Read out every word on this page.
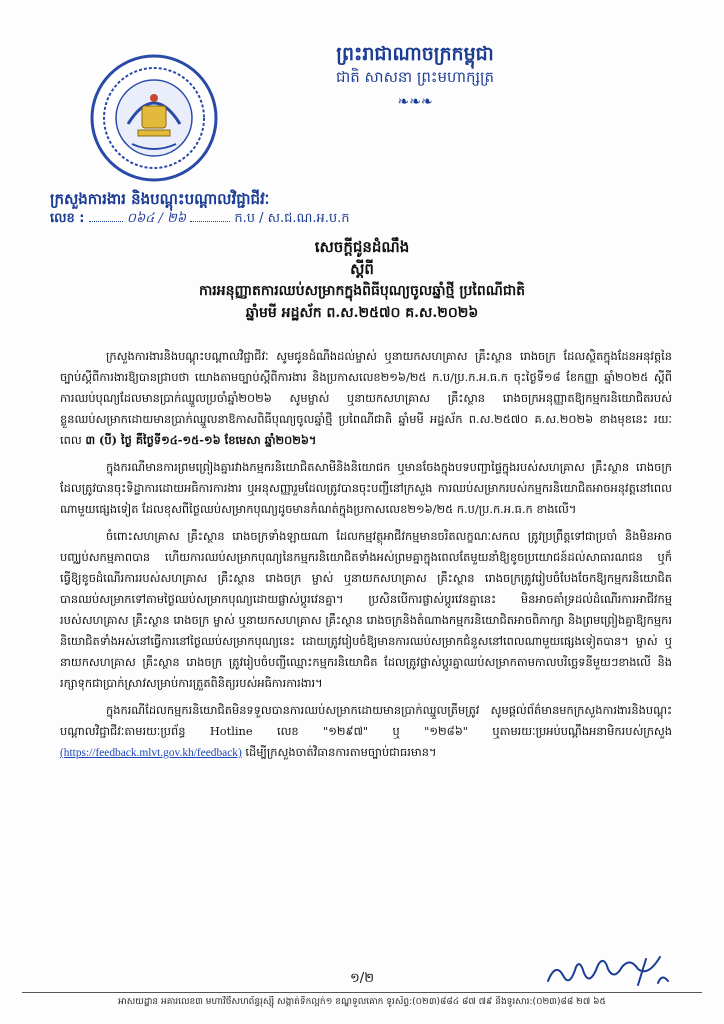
ព្រះរាជាណាចក្រកម្ពុជា
ជាតិ សាសនា ព្រះមហាក្សត្រ
❧❧❧
ក្រសួងការងារ និងបណ្តុះបណ្តាលវិជ្ជាជីវៈ
លេខ :	០៦៤ / ២៦	ក.ប / ស.ជ.ណ.អ.ប.ក
សេចក្តីជូនដំណឹង
ស្តីពី
ការអនុញ្ញាតការឈប់សម្រាកក្នុងពិធីបុណ្យចូលឆ្នាំថ្មី ប្រពៃណីជាតិ
ឆ្នាំមមី អដ្ឋស័ក ព.ស.២៥៧០ គ.ស.២០២៦

ក្រសួងការងារនិងបណ្តុះបណ្តាលវិជ្ជាជីវៈ សូមជូនដំណឹងដល់ម្ចាស់ ឬនាយកសហគ្រាស គ្រឹះស្ថាន រោងចក្រ ដែលស្ថិតក្នុងដែនអនុវត្តនៃច្បាប់ស្តីពីការងារឱ្យបានជ្រាបថា យោងតាមច្បាប់ស្តីពីការងារ និងប្រកាសលេខ២១៦/២៥ ក.ប/ប្រ.ក.អ.ធ.ក ចុះថ្ងៃទី១៨ ខែកញ្ញា ឆ្នាំ២០២៥ ស្តីពីការឈប់បុណ្យដែលមានប្រាក់ឈ្នួលប្រចាំឆ្នាំ២០២៦ សូមម្ចាស់ ឬនាយកសហគ្រាស គ្រឹះស្ថាន រោងចក្រអនុញ្ញាតឱ្យកម្មករនិយោជិតរបស់ខ្លួនឈប់សម្រាកដោយមានប្រាក់ឈ្នួលនាឱកាសពិធីបុណ្យចូលឆ្នាំថ្មី ប្រពៃណីជាតិ ឆ្នាំមមី អដ្ឋស័ក ព.ស.២៥៧០ គ.ស.២០២៦ ខាងមុខនេះ រយៈពេល ៣ (បី) ថ្ងៃ គឺថ្ងៃទី១៤-១៥-១៦ ខែមេសា ឆ្នាំ២០២៦។

ក្នុងករណីមានការព្រមព្រៀងគ្នារវាងកម្មករនិយោជិតសាមីនិងនិយោជក ឬមានចែងក្នុងបទបញ្ជាផ្ទៃក្នុងរបស់សហគ្រាស គ្រឹះស្ថាន រោងចក្រដែលត្រូវបានចុះទិដ្ឋាការដោយអធិការការងារ ឬអនុសញ្ញារួមដែលត្រូវបានចុះបញ្ជីនៅក្រសួង ការឈប់សម្រាករបស់កម្មករនិយោជិតអាចអនុវត្តនៅពេលណាមួយផ្សេងទៀត ដែលខុសពីថ្ងៃឈប់សម្រាកបុណ្យដូចមានកំណត់ក្នុងប្រកាសលេខ២១៦/២៥ ក.ប/ប្រ.ក.អ.ធ.ក ខាងលើ។

ចំពោះសហគ្រាស គ្រឹះស្ថាន រោងចក្រទាំងឡាយណា ដែលកម្មវត្ថុអាជីវកម្មមានចរិតលក្ខណៈសកល ត្រូវប្រព្រឹត្តទៅជាប្រចាំ និងមិនអាចបញ្ឈប់សកម្មភាពបាន ហើយការឈប់សម្រាកបុណ្យនៃកម្មករនិយោជិតទាំងអស់ព្រមគ្នាក្នុងពេលតែមួយនាំឱ្យខូចប្រយោជន៍ដល់សាធារណជន ឬក៏ធ្វើឱ្យខូចដំណើរការរបស់សហគ្រាស គ្រឹះស្ថាន រោងចក្រ ម្ចាស់ ឬនាយកសហគ្រាស គ្រឹះស្ថាន រោងចក្រត្រូវរៀបចំបែងចែកឱ្យកម្មករនិយោជិតបានឈប់សម្រាកទៅតាមថ្ងៃឈប់សម្រាកបុណ្យដោយផ្លាស់ប្តូរវេនគ្នា។ ប្រសិនបើការផ្លាស់ប្តូរវេនគ្នានេះ មិនអាចគាំទ្រដល់ដំណើរការអាជីវកម្មរបស់សហគ្រាស គ្រឹះស្ថាន រោងចក្រ ម្ចាស់ ឬនាយកសហគ្រាស គ្រឹះស្ថាន រោងចក្រនិងតំណាងកម្មករនិយោជិតអាចពិភាក្សា និងព្រមព្រៀងគ្នាឱ្យកម្មករនិយោជិតទាំងអស់នៅធ្វើការនៅថ្ងៃឈប់សម្រាកបុណ្យនេះ ដោយត្រូវរៀបចំឱ្យមានការឈប់សម្រាកជំនួសនៅពេលណាមួយផ្សេងទៀតបាន។ ម្ចាស់ ឬនាយកសហគ្រាស គ្រឹះស្ថាន រោងចក្រ ត្រូវរៀបចំបញ្ជីឈ្មោះកម្មករនិយោជិត ដែលត្រូវផ្លាស់ប្តូរគ្នាឈប់សម្រាកតាមកាលបរិច្ឆេទនីមួយៗខាងលើ និងរក្សាទុកជាប្រាក់ស្រាវសម្រាប់ការត្រួតពិនិត្យរបស់អធិការការងារ។

ក្នុងករណីដែលកម្មករនិយោជិតមិនទទួលបានការឈប់សម្រាកដោយមានប្រាក់ឈ្នួលត្រឹមត្រូវ សូមផ្តល់ព័ត៌មានមកក្រសួងការងារនិងបណ្តុះបណ្តាលវិជ្ជាជីវៈតាមរយៈប្រព័ន្ធ Hotline លេខ "១២៩៧" ឬ "១២៨៦" ឬតាមរយៈប្រអប់បណ្តឹងអនាមិករបស់ក្រសួង (https://feedback.mlvt.gov.kh/feedback) ដើម្បីក្រសួងចាត់វិធានការតាមច្បាប់ជាធរមាន។

១/២
អាសយដ្ឋាន អគារលេខ៣ មហាវិថីសហព័ន្ធរុស្ស៊ី សង្កាត់ទឹកល្អក់១ ខណ្ឌទួលគោក ទូរស័ព្ទ:(០២៣)៨៨៤ ៨៧ ៧៩ និងទូរសារ:(០២៣)៨៨ ២៧ ៦៥
